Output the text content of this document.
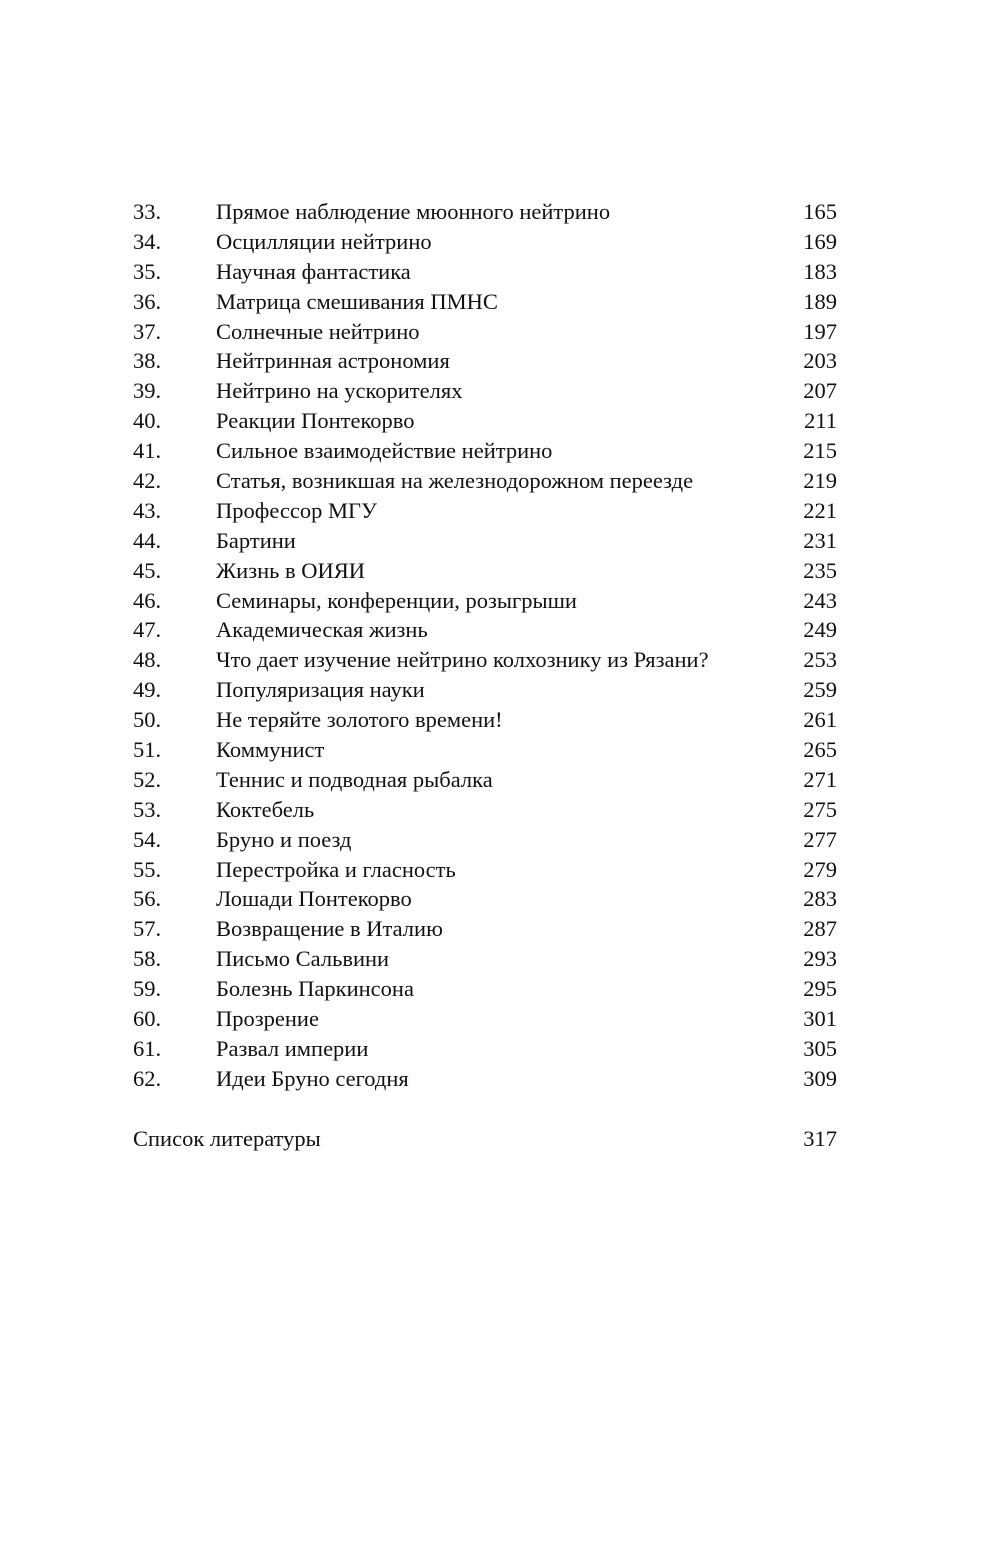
33. Прямое наблюдение мюонного нейтрино	165
34. Осцилляции нейтрино	169
35. Научная фантастика	183
36. Матрица смешивания ПМНС	189
37. Солнечные нейтрино	197
38. Нейтринная астрономия	203
39. Нейтрино на ускорителях	207
40. Реакции Понтекорво	211
41. Сильное взаимодействие нейтрино	215
42. Статья, возникшая на железнодорожном переезде	219
43. Профессор МГУ	221
44. Бартини	231
45. Жизнь в ОИЯИ	235
46. Семинары, конференции, розыгрыши	243
47. Академическая жизнь	249
48. Что дает изучение нейтрино колхознику из Рязани?	253
49. Популяризация науки	259
50. Не теряйте золотого времени!	261
51. Коммунист	265
52. Теннис и подводная рыбалка	271
53. Коктебель	275
54. Бруно и поезд	277
55. Перестройка и гласность	279
56. Лошади Понтекорво	283
57. Возвращение в Италию	287
58. Письмо Сальвини	293
59. Болезнь Паркинсона	295
60. Прозрение	301
61. Развал империи	305
62. Идеи Бруно сегодня	309
Список литературы	317
